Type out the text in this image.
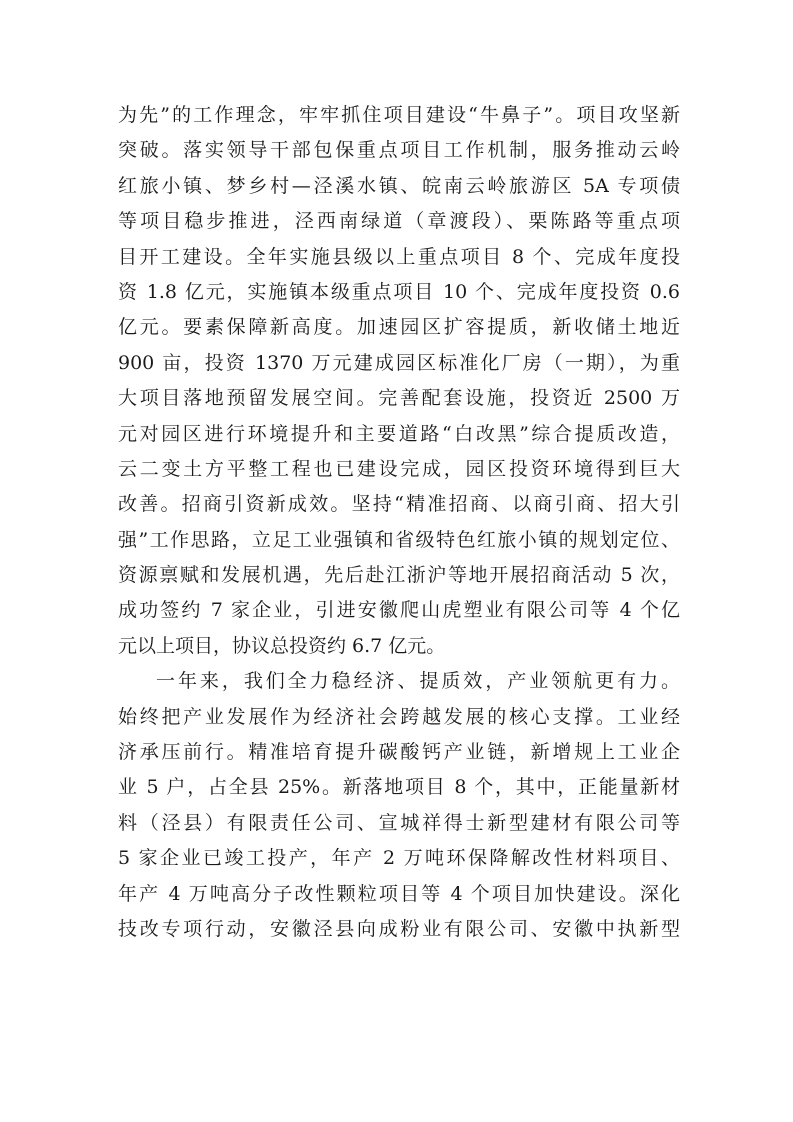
为先”的工作理念，牢牢抓住项目建设“牛鼻子”。项目攻坚新
突破。落实领导干部包保重点项目工作机制，服务推动云岭
红旅小镇、梦乡村—泾溪水镇、皖南云岭旅游区 5A 专项债
等项目稳步推进，泾西南绿道（章渡段）、栗陈路等重点项
目开工建设。全年实施县级以上重点项目 8 个、完成年度投
资 1.8 亿元，实施镇本级重点项目 10 个、完成年度投资 0.6
亿元。要素保障新高度。加速园区扩容提质，新收储土地近
900 亩，投资 1370 万元建成园区标准化厂房（一期），为重
大项目落地预留发展空间。完善配套设施，投资近 2500 万
元对园区进行环境提升和主要道路“白改黑”综合提质改造，
云二变土方平整工程也已建设完成，园区投资环境得到巨大
改善。招商引资新成效。坚持“精准招商、以商引商、招大引
强”工作思路，立足工业强镇和省级特色红旅小镇的规划定位、
资源禀赋和发展机遇，先后赴江浙沪等地开展招商活动 5 次，
成功签约 7 家企业，引进安徽爬山虎塑业有限公司等 4 个亿
元以上项目，协议总投资约 6.7 亿元。
一年来，我们全力稳经济、提质效，产业领航更有力。
始终把产业发展作为经济社会跨越发展的核心支撑。工业经
济承压前行。精准培育提升碳酸钙产业链，新增规上工业企
业 5 户，占全县 25%。新落地项目 8 个，其中，正能量新材
料（泾县）有限责任公司、宣城祥得士新型建材有限公司等
5 家企业已竣工投产，年产 2 万吨环保降解改性材料项目、
年产 4 万吨高分子改性颗粒项目等 4 个项目加快建设。深化
技改专项行动，安徽泾县向成粉业有限公司、安徽中执新型
